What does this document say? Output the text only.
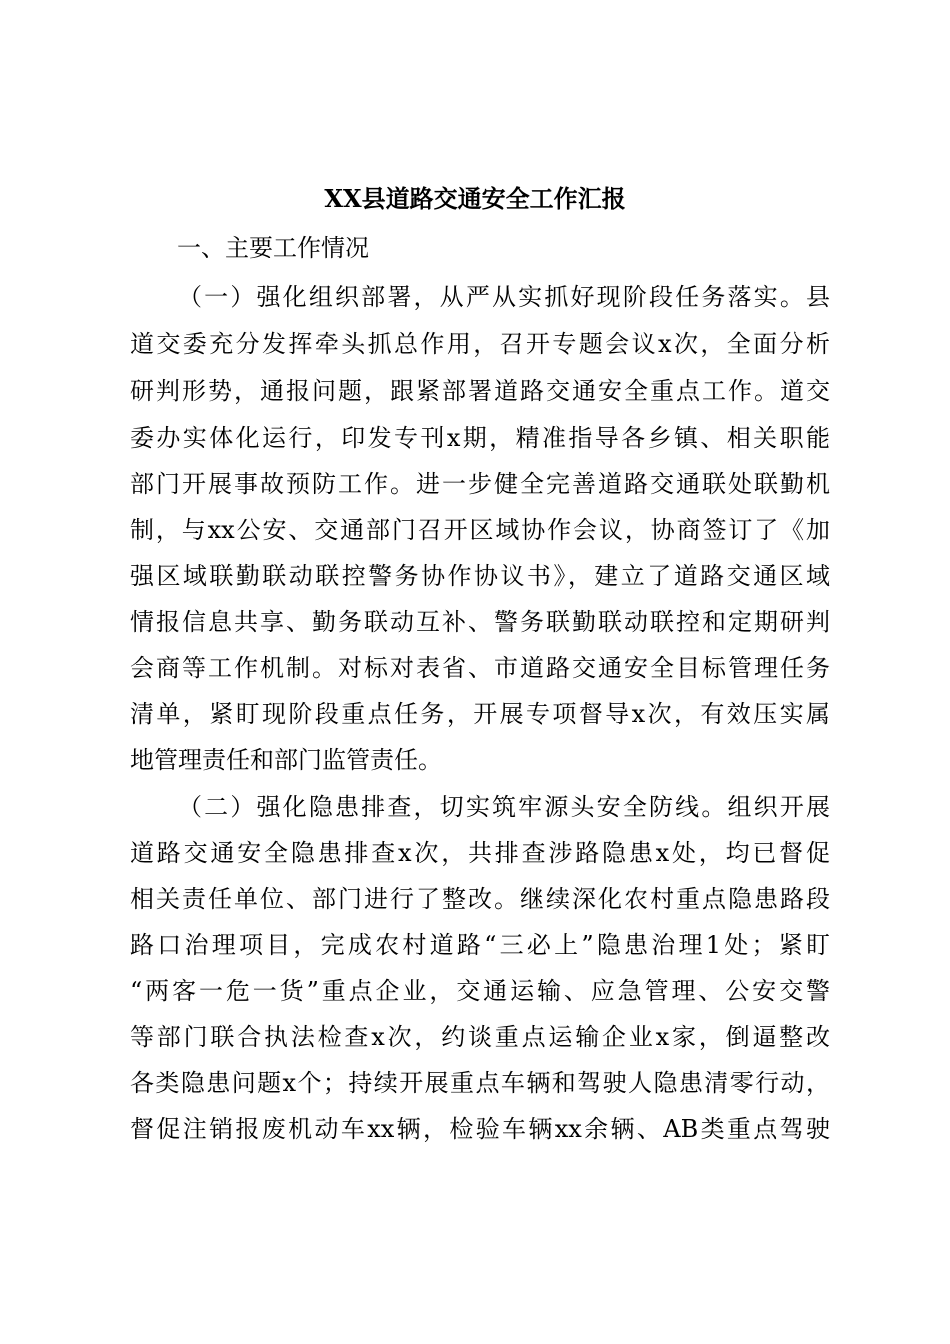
XX县道路交通安全工作汇报
一、主要工作情况
（一）强化组织部署，从严从实抓好现阶段任务落实。县
道交委充分发挥牵头抓总作用，召开专题会议x次，全面分析
研判形势，通报问题，跟紧部署道路交通安全重点工作。道交
委办实体化运行，印发专刊x期，精准指导各乡镇、相关职能
部门开展事故预防工作。进一步健全完善道路交通联处联勤机
制，与xx公安、交通部门召开区域协作会议，协商签订了《加
强区域联勤联动联控警务协作协议书》，建立了道路交通区域
情报信息共享、勤务联动互补、警务联勤联动联控和定期研判
会商等工作机制。对标对表省、市道路交通安全目标管理任务
清单，紧盯现阶段重点任务，开展专项督导x次，有效压实属
地管理责任和部门监管责任。
（二）强化隐患排查，切实筑牢源头安全防线。组织开展
道路交通安全隐患排查x次，共排查涉路隐患x处，均已督促
相关责任单位、部门进行了整改。继续深化农村重点隐患路段
路口治理项目，完成农村道路“三必上”隐患治理1处；紧盯
“两客一危一货”重点企业，交通运输、应急管理、公安交警
等部门联合执法检查x次，约谈重点运输企业x家，倒逼整改
各类隐患问题x个；持续开展重点车辆和驾驶人隐患清零行动，
督促注销报废机动车xx辆，检验车辆xx余辆、AB类重点驾驶
